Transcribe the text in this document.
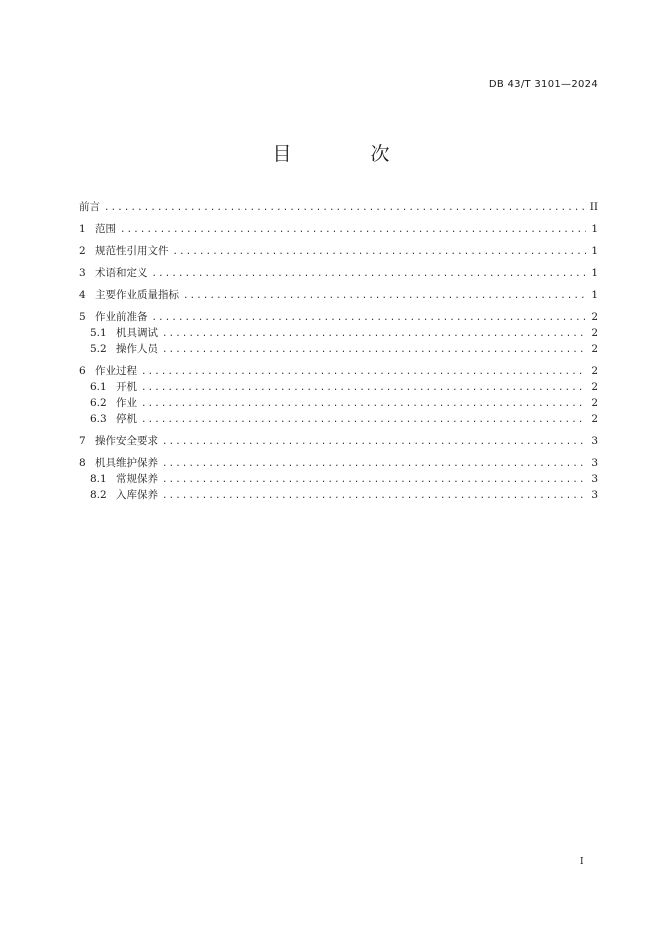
DB 43/T 3101—2024
目　次
前言 .....	II
1 范围 .....	1
2 规范性引用文件 .....	1
3 术语和定义 .....	1
4 主要作业质量指标 .....	1
5 作业前准备 .....	2
5.1 机具调试 .....	2
5.2 操作人员 .....	2
6 作业过程 .....	2
6.1 开机 .....	2
6.2 作业 .....	2
6.3 停机 .....	2
7 操作安全要求 .....	3
8 机具维护保养 .....	3
8.1 常规保养 .....	3
8.2 入库保养 .....	3
I
